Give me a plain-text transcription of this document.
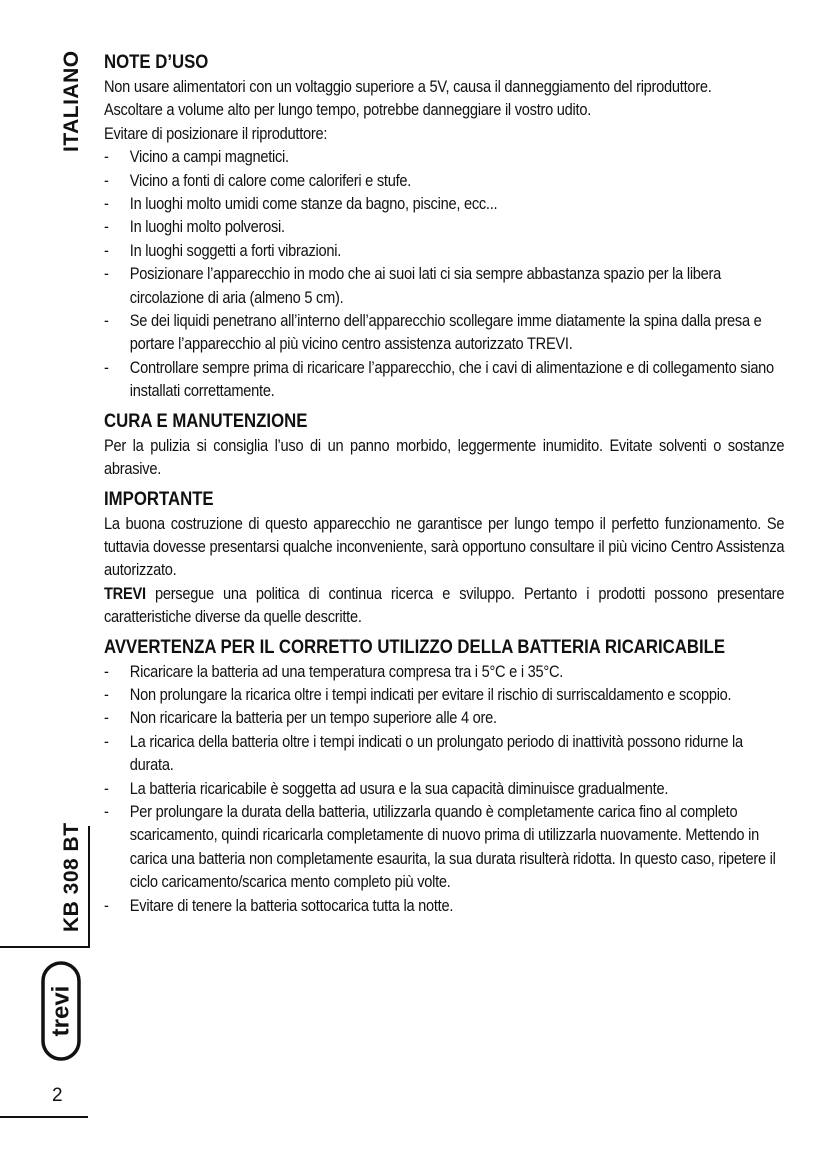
ITALIANO
KB 308 BT
trevi
2
NOTE D’USO

Non usare alimentatori con un voltaggio superiore a 5V, causa il danneggiamento del riproduttore.

Ascoltare a volume alto per lungo tempo, potrebbe danneggiare il vostro udito.

Evitare di posizionare il riproduttore:

- Vicino a campi magnetici.
- Vicino a fonti di calore come caloriferi e stufe.
- In luoghi molto umidi come stanze da bagno, piscine, ecc...
- In luoghi molto polverosi.
- In luoghi soggetti a forti vibrazioni.
- Posizionare l’apparecchio in modo che ai suoi lati ci sia sempre abbastanza spazio per la libera circolazione di aria (almeno 5 cm).
- Se dei liquidi penetrano all’interno dell’apparecchio scollegare imme diatamente la spina dalla presa e portare l’apparecchio al più vicino centro assistenza autorizzato TREVI.
- Controllare sempre prima di ricaricare l’apparecchio, che i cavi di alimentazione e di collegamento siano installati correttamente.
CURA E MANUTENZIONE

Per la pulizia si consiglia l’uso di un panno morbido, leggermente inumidito. Evitate solventi o sostanze abrasive.

IMPORTANTE

La buona costruzione di questo apparecchio ne garantisce per lungo tempo il perfetto funzionamento. Se tuttavia dovesse presentarsi qualche inconveniente, sarà opportuno consultare il più vicino Centro Assistenza autorizzato.

TREVI persegue una politica di continua ricerca e sviluppo. Pertanto i prodotti possono presentare caratteristiche diverse da quelle descritte.

AVVERTENZA PER IL CORRETTO UTILIZZO DELLA BATTERIA RICARICABILE
- Ricaricare la batteria ad una temperatura compresa tra i 5°C e i 35°C.
- Non prolungare la ricarica oltre i tempi indicati per evitare il rischio di surriscaldamento e scoppio.
- Non ricaricare la batteria per un tempo superiore alle 4 ore.
- La ricarica della batteria oltre i tempi indicati o un prolungato periodo di inattività possono ridurne la durata.
- La batteria ricaricabile è soggetta ad usura e la sua capacità diminuisce gradualmente.
- Per prolungare la durata della batteria, utilizzarla quando è completamente carica fino al completo scaricamento, quindi ricaricarla completamente di nuovo prima di utilizzarla nuovamente. Mettendo in carica una batteria non completamente esaurita, la sua durata risulterà ridotta. In questo caso, ripetere il ciclo caricamento/scarica mento completo più volte.
- Evitare di tenere la batteria sottocarica tutta la notte.
